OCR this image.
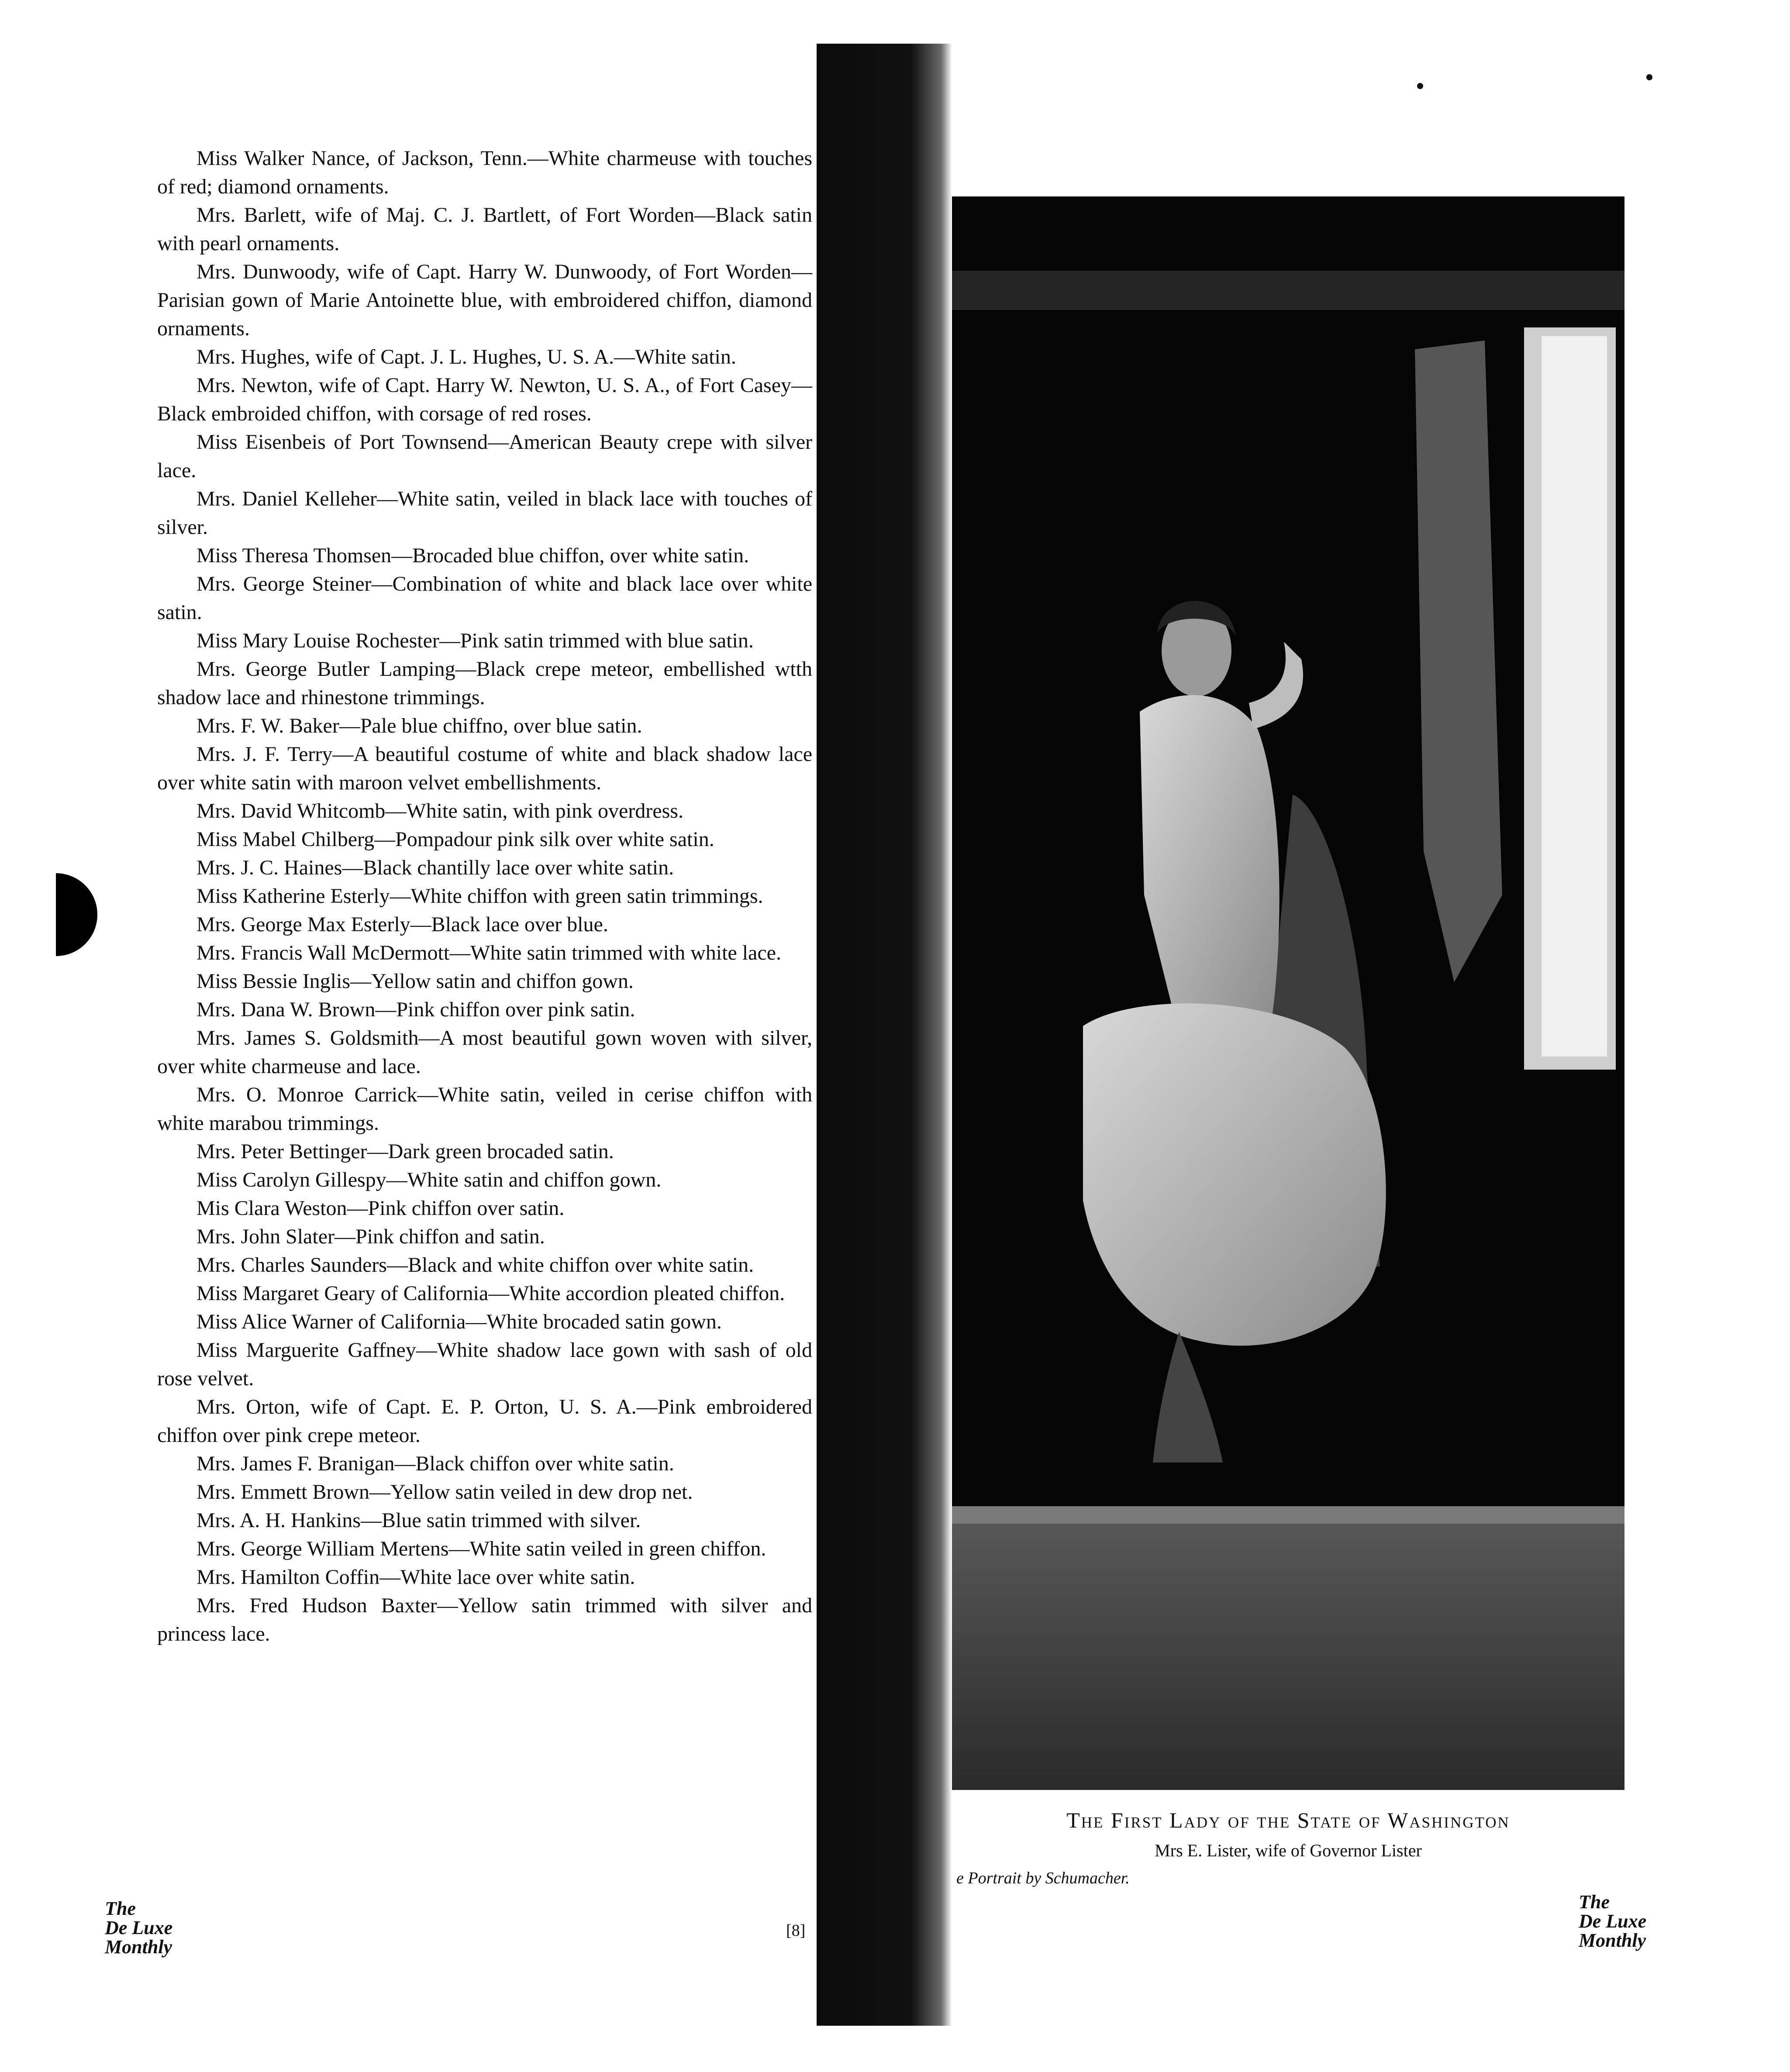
Miss Walker Nance, of Jackson, Tenn.—White charmeuse with touches of red; diamond ornaments.

Mrs. Barlett, wife of Maj. C. J. Bartlett, of Fort Worden—Black satin with pearl ornaments.

Mrs. Dunwoody, wife of Capt. Harry W. Dunwoody, of Fort Worden—Parisian gown of Marie Antoinette blue, with embroidered chiffon, diamond ornaments.

Mrs. Hughes, wife of Capt. J. L. Hughes, U. S. A.—White satin.

Mrs. Newton, wife of Capt. Harry W. Newton, U. S. A., of Fort Casey—Black embroided chiffon, with corsage of red roses.

Miss Eisenbeis of Port Townsend—American Beauty crepe with silver lace.

Mrs. Daniel Kelleher—White satin, veiled in black lace with touches of silver.

Miss Theresa Thomsen—Brocaded blue chiffon, over white satin.

Mrs. George Steiner—Combination of white and black lace over white satin.

Miss Mary Louise Rochester—Pink satin trimmed with blue satin.

Mrs. George Butler Lamping—Black crepe meteor, embellished wtth shadow lace and rhinestone trimmings.

Mrs. F. W. Baker—Pale blue chiffno, over blue satin.

Mrs. J. F. Terry—A beautiful costume of white and black shadow lace over white satin with maroon velvet embellishments.

Mrs. David Whitcomb—White satin, with pink overdress.

Miss Mabel Chilberg—Pompadour pink silk over white satin.

Mrs. J. C. Haines—Black chantilly lace over white satin.

Miss Katherine Esterly—White chiffon with green satin trimmings.

Mrs. George Max Esterly—Black lace over blue.

Mrs. Francis Wall McDermott—White satin trimmed with white lace.

Miss Bessie Inglis—Yellow satin and chiffon gown.

Mrs. Dana W. Brown—Pink chiffon over pink satin.

Mrs. James S. Goldsmith—A most beautiful gown woven with silver, over white charmeuse and lace.

Mrs. O. Monroe Carrick—White satin, veiled in cerise chiffon with white marabou trimmings.

Mrs. Peter Bettinger—Dark green brocaded satin.

Miss Carolyn Gillespy—White satin and chiffon gown.

Mis Clara Weston—Pink chiffon over satin.

Mrs. John Slater—Pink chiffon and satin.

Mrs. Charles Saunders—Black and white chiffon over white satin.

Miss Margaret Geary of California—White accordion pleated chiffon.

Miss Alice Warner of California—White brocaded satin gown.

Miss Marguerite Gaffney—White shadow lace gown with sash of old rose velvet.

Mrs. Orton, wife of Capt. E. P. Orton, U. S. A.—Pink embroidered chiffon over pink crepe meteor.

Mrs. James F. Branigan—Black chiffon over white satin.

Mrs. Emmett Brown—Yellow satin veiled in dew drop net.

Mrs. A. H. Hankins—Blue satin trimmed with silver.

Mrs. George William Mertens—White satin veiled in green chiffon.

Mrs. Hamilton Coffin—White lace over white satin.

Mrs. Fred Hudson Baxter—Yellow satin trimmed with silver and princess lace.

The
De Luxe
Monthly
[8]
The First Lady of the State of Washington
Mrs E. Lister, wife of Governor Lister
e Portrait by Schumacher.
The
De Luxe
Monthly
